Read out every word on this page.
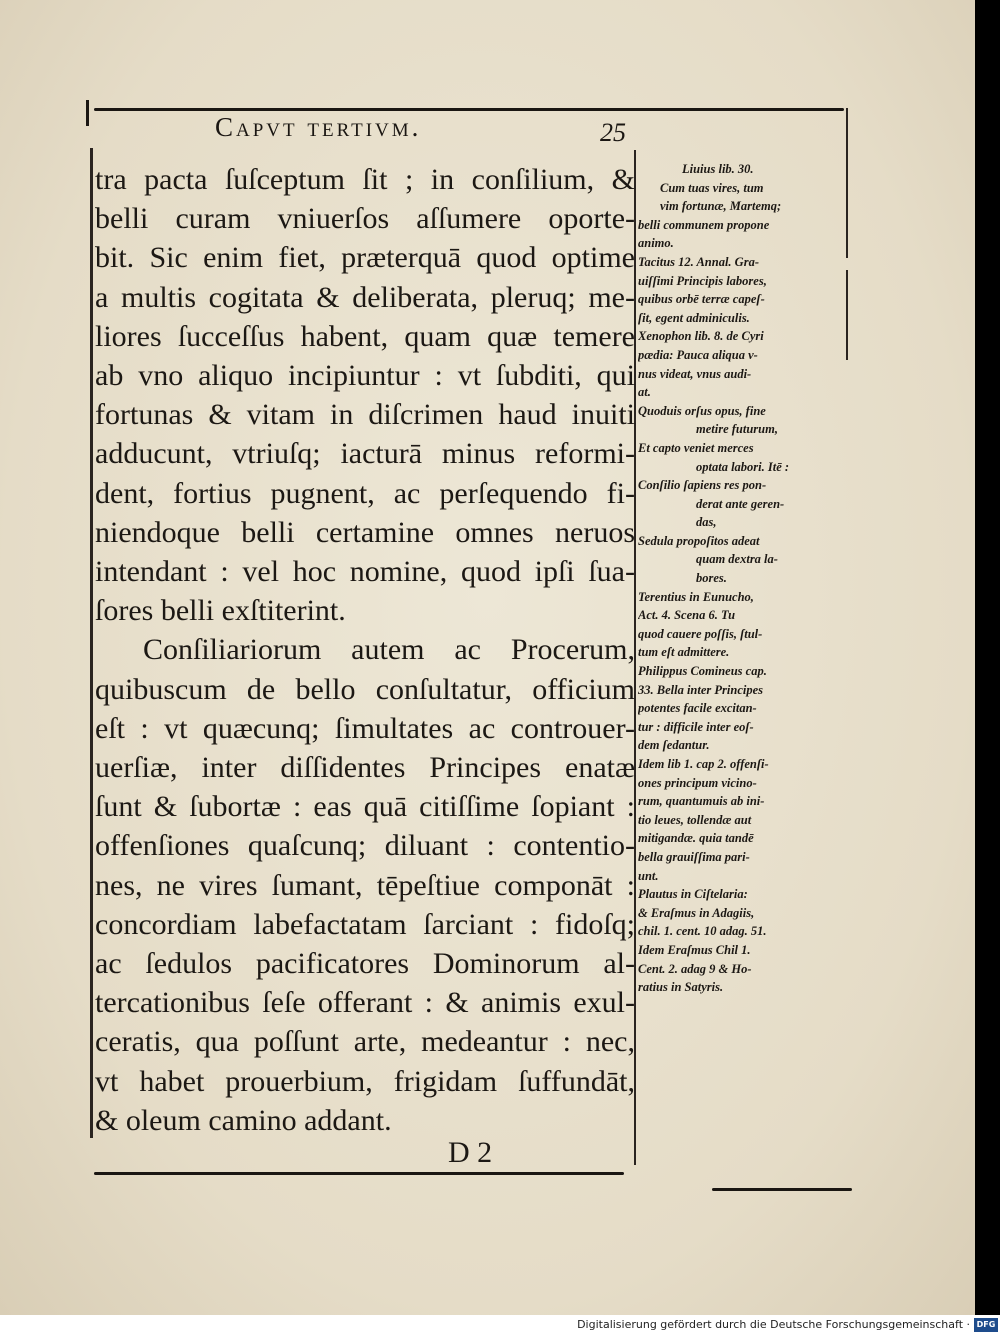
Capvt tertivm.	25
tra pacta ſuſceptum ſit ; in conſilium, &
belli curam vniuerſos aſſumere oporte-
bit. Sic enim fiet, præterquā quod optime
a multis cogitata & deliberata, pleruq; me-
liores ſucceſſus habent, quam quæ temere
ab vno aliquo incipiuntur : vt ſubditi, qui
fortunas & vitam in diſcrimen haud inuiti
adducunt, vtriuſq; iacturā minus reformi-
dent, fortius pugnent, ac perſequendo fi-
niendoque belli certamine omnes neruos
intendant : vel hoc nomine, quod ipſi ſua-
ſores belli exſtiterint.
Conſiliariorum autem ac Procerum,
quibuscum de bello conſultatur, officium
eſt : vt quæcunq; ſimultates ac controuer-
uerſiæ, inter diſſidentes Principes enatæ
ſunt & ſubortæ : eas quā citiſſime ſopiant :
offenſiones quaſcunq; diluant : contentio-
nes, ne vires ſumant, tēpeſtiue componāt :
concordiam labefactatam ſarciant : fidoſq;
ac ſedulos pacificatores Dominorum al-
tercationibus ſeſe offerant : & animis exul-
ceratis, qua poſſunt arte, medeantur : nec,
vt habet prouerbium, frigidam ſuffundāt,
& oleum camino addant.
Liuius lib. 30.
Cum tuas vires, tum
vim fortunæ, Martemq;
belli communem propone
animo.
Tacitus 12. Annal. Gra-
uiſſimi Principis labores,
quibus orbē terræ capeſ-
ſit, egent adminiculis.
Xenophon lib. 8. de Cyri
pædia: Pauca aliqua v-
nus videat, vnus audi-
at.
Quoduis orſus opus, fine
metire futurum,
Et capto veniet merces
optata labori. Itē :
Conſilio ſapiens res pon-
derat ante geren-
das,
Sedula propoſitos adeat
quam dextra la-
bores.
Terentius in Eunucho,
Act. 4. Scena 6. Tu
quod cauere poſſis, ſtul-
tum eſt admittere.
Philippus Comineus cap.
33. Bella inter Principes
potentes facile excitan-
tur : difficile inter eoſ-
dem ſedantur.
Idem lib 1. cap 2. offenſi-
ones principum vicino-
rum, quantumuis ab ini-
tio leues, tollendæ aut
mitigandæ. quia tandē
bella grauiſſima pari-
unt.
Plautus in Ciſtelaria:
& Eraſmus in Adagiis,
chil. 1. cent. 10 adag. 51.
Idem Eraſmus Chil 1.
Cent. 2. adag 9 & Ho-
ratius in Satyris.
D 2
Digitalisierung gefördert durch die Deutsche Forschungsgemeinschaft · DFG
